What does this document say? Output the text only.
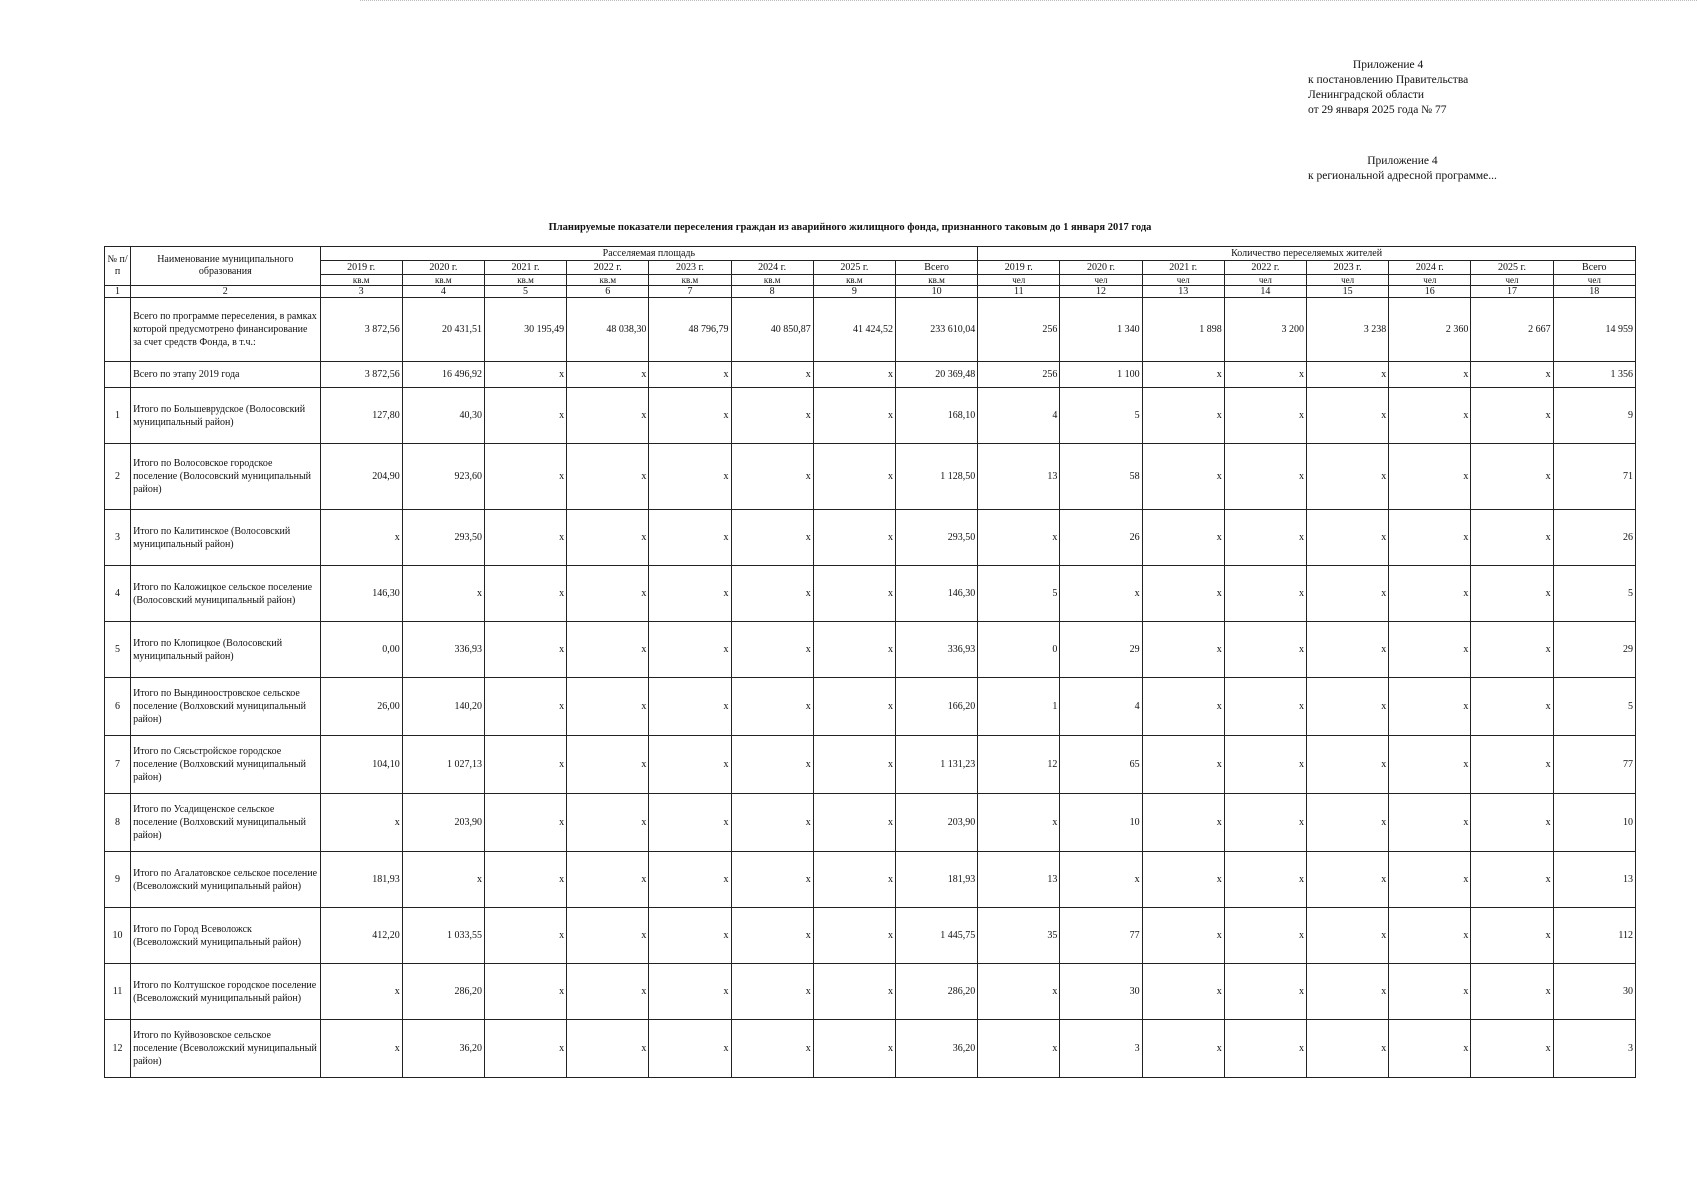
Приложение 4
к постановлению Правительства
Ленинградской области
от 29 января 2025 года № 77
Приложение 4
к региональной адресной программе...
Планируемые показатели переселения граждан из аварийного жилищного фонда, признанного таковым до 1 января 2017 года
№ п/п	Наименование муниципального образования	Расселяемая площадь								Количество переселяемых жителей							
		2019 г.	2020 г.	2021 г.	2022 г.	2023 г.	2024 г.	2025 г.	Всего	2019 г.	2020 г.	2021 г.	2022 г.	2023 г.	2024 г.	2025 г.	Всего
		кв.м	кв.м	кв.м	кв.м	кв.м	кв.м	кв.м	кв.м	чел	чел	чел	чел	чел	чел	чел	чел
1	2	3	4	5	6	7	8	9	10	11	12	13	14	15	16	17	18
	Всего по программе переселения, в рамках которой предусмотрено финансирование за счет средств Фонда, в т.ч.:	3 872,56	20 431,51	30 195,49	48 038,30	48 796,79	40 850,87	41 424,52	233 610,04	256	1 340	1 898	3 200	3 238	2 360	2 667	14 959
	Всего по этапу 2019 года	3 872,56	16 496,92	x	x	x	x	x	20 369,48	256	1 100	x	x	x	x	x	1 356
1	Итого по Большеврудское (Волосовский муниципальный район)	127,80	40,30	x	x	x	x	x	168,10	4	5	x	x	x	x	x	9
2	Итого по Волосовское городское поселение (Волосовский муниципальный район)	204,90	923,60	x	x	x	x	x	1 128,50	13	58	x	x	x	x	x	71
3	Итого по Калитинское (Волосовский муниципальный район)	x	293,50	x	x	x	x	x	293,50	x	26	x	x	x	x	x	26
4	Итого по Каложицкое сельское поселение (Волосовский муниципальный район)	146,30	x	x	x	x	x	x	146,30	5	x	x	x	x	x	x	5
5	Итого по Клопицкое (Волосовский муниципальный район)	0,00	336,93	x	x	x	x	x	336,93	0	29	x	x	x	x	x	29
6	Итого по Вындиноостровское сельское поселение (Волховский муниципальный район)	26,00	140,20	x	x	x	x	x	166,20	1	4	x	x	x	x	x	5
7	Итого по Сясьстройское городское поселение (Волховский муниципальный район)	104,10	1 027,13	x	x	x	x	x	1 131,23	12	65	x	x	x	x	x	77
8	Итого по Усадищенское сельское поселение (Волховский муниципальный район)	x	203,90	x	x	x	x	x	203,90	x	10	x	x	x	x	x	10
9	Итого по Агалатовское сельское поселение (Всеволожский муниципальный район)	181,93	x	x	x	x	x	x	181,93	13	x	x	x	x	x	x	13
10	Итого по Город Всеволожск (Всеволожский муниципальный район)	412,20	1 033,55	x	x	x	x	x	1 445,75	35	77	x	x	x	x	x	112
11	Итого по Колтушское городское поселение (Всеволожский муниципальный район)	x	286,20	x	x	x	x	x	286,20	x	30	x	x	x	x	x	30
12	Итого по Куйвозовское сельское поселение (Всеволожский муниципальный район)	x	36,20	x	x	x	x	x	36,20	x	3	x	x	x	x	x	3
